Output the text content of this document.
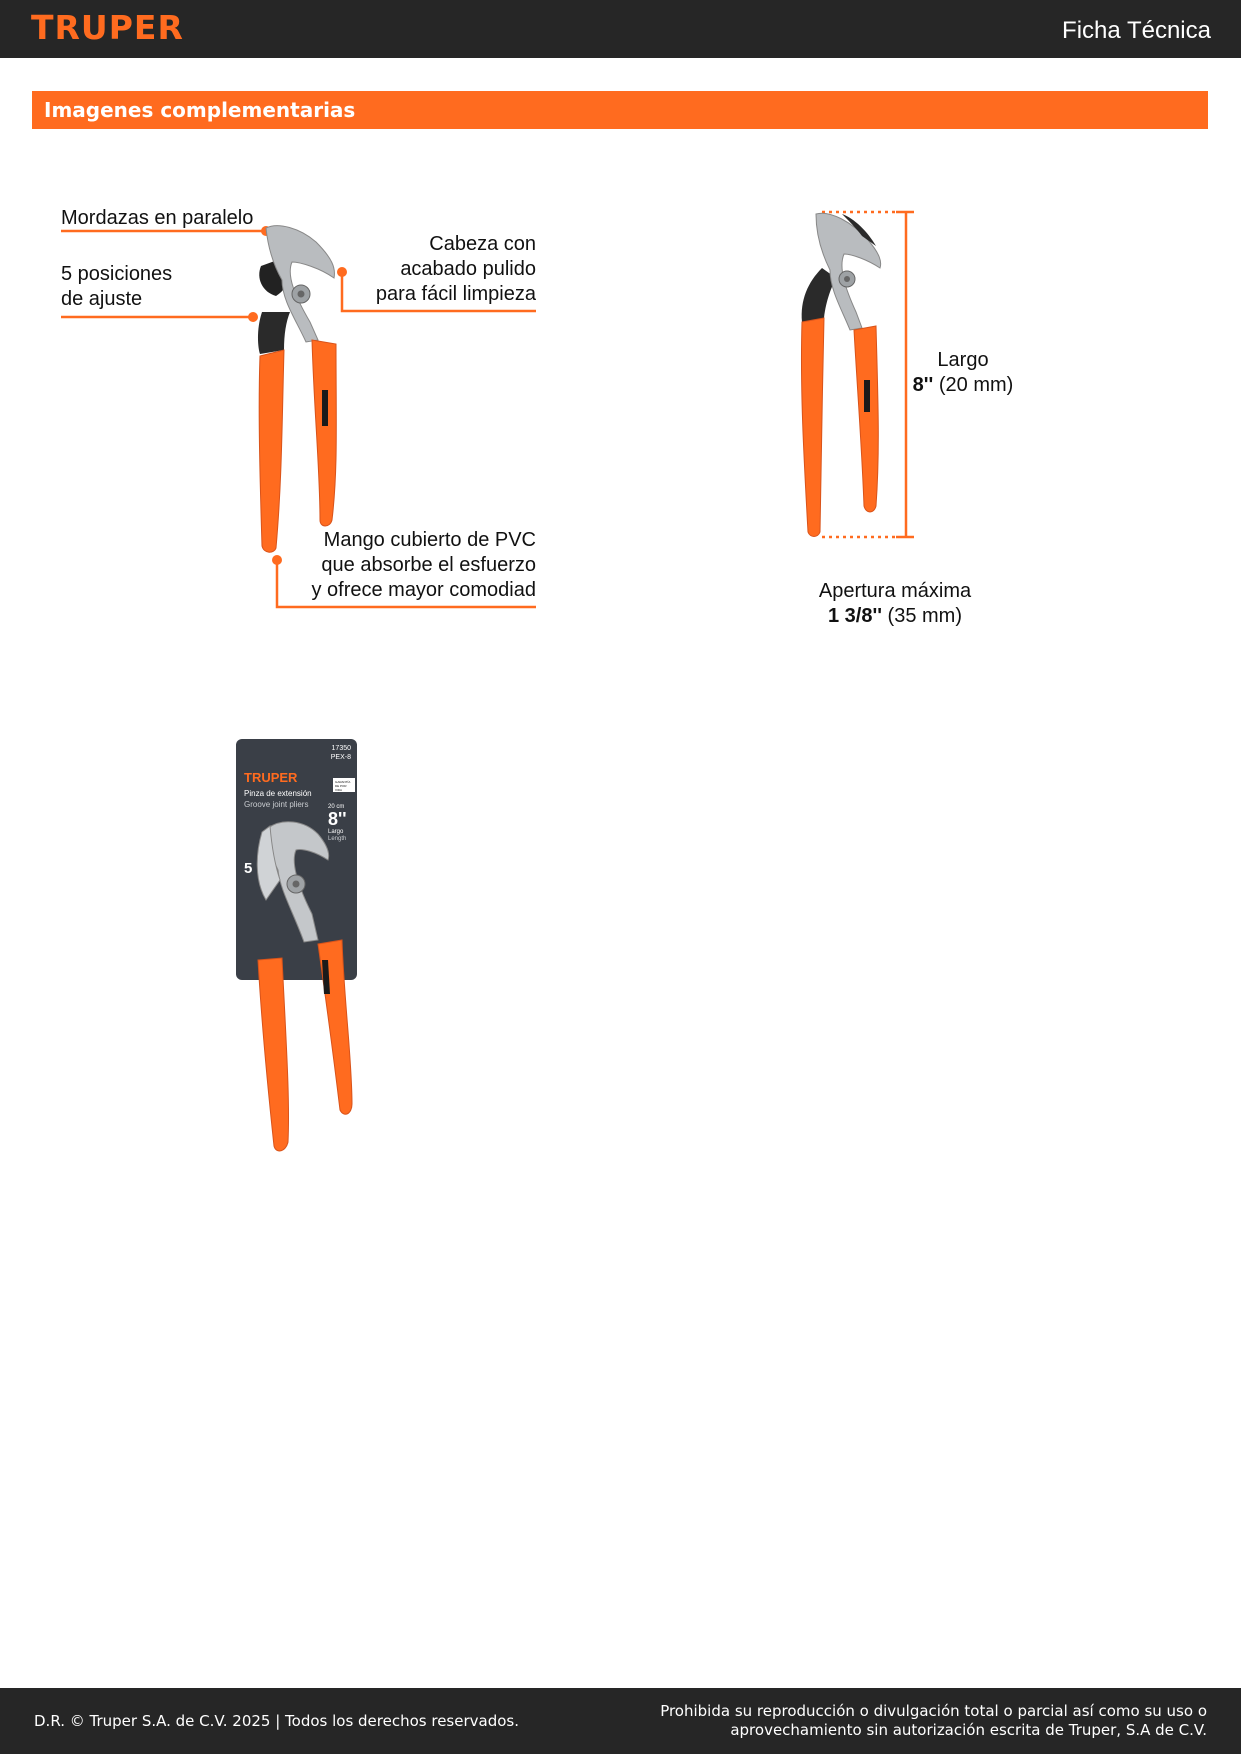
TRUPER	Ficha Técnica
Imagenes complementarias
Mordazas en paralelo
5 posiciones
de ajuste
Cabeza con
acabado pulido
para fácil limpieza
Mango cubierto de PVC
que absorbe el esfuerzo
y ofrece mayor comodiad
Largo
8'' (20 mm)
Apertura máxima
1 3/8'' (35 mm)
17350
PEX-8
TRUPER	GARANTÍA DE POR VIDA
Pinza de extensión
Groove joint pliers	20 cm
8''
Largo
Length
5
D.R. © Truper S.A. de C.V. 2025 | Todos los derechos reservados.
Prohibida su reproducción o divulgación total o parcial así como su uso o
aprovechamiento sin autorización escrita de Truper, S.A de C.V.
